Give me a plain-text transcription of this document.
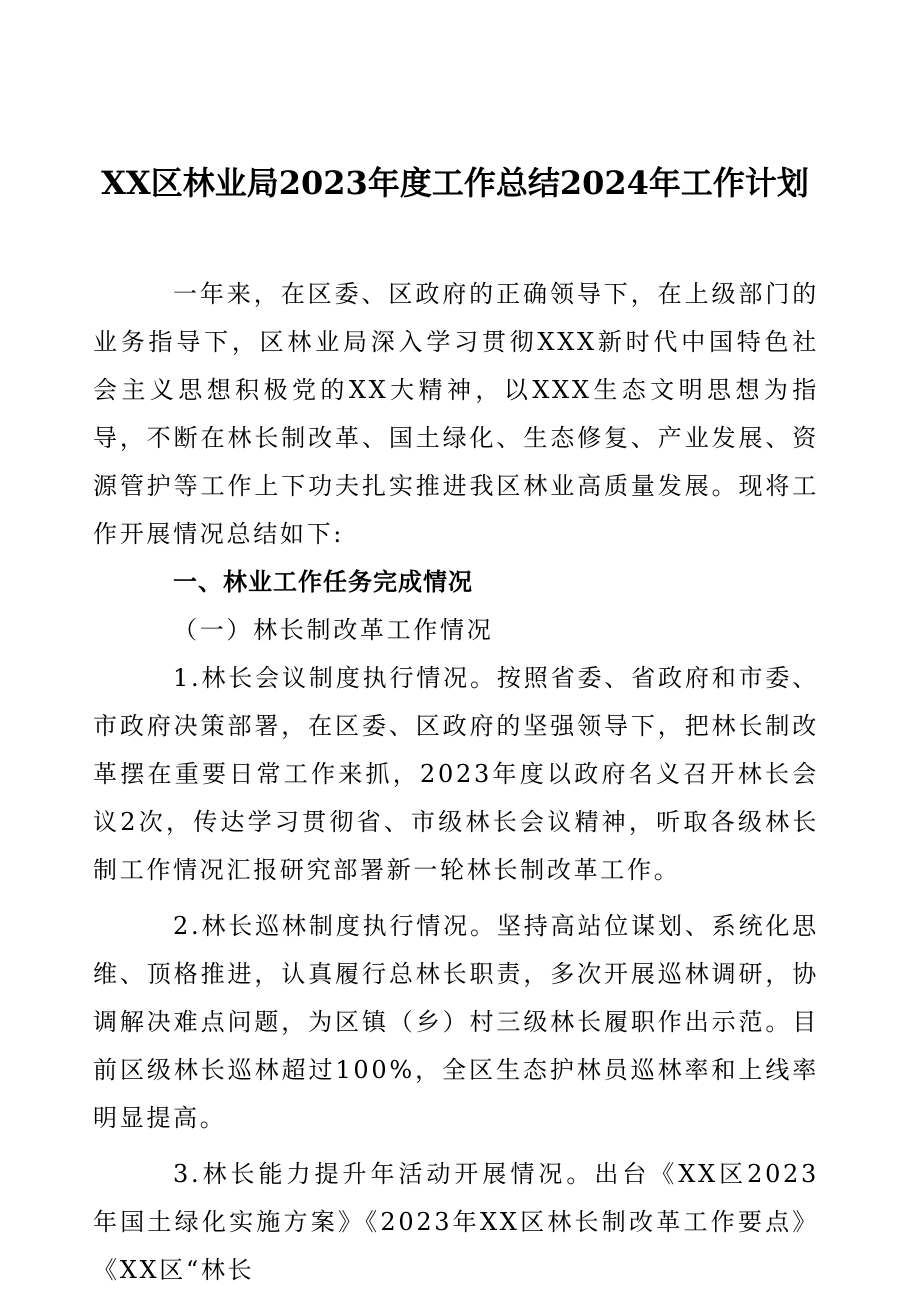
XX区林业局2023年度工作总结2024年工作计划

一年来，在区委、区政府的正确领导下，在上级部门的业务指导下，区林业局深入学习贯彻XXX新时代中国特色社会主义思想积极党的XX大精神，以XXX生态文明思想为指导，不断在林长制改革、国土绿化、生态修复、产业发展、资源管护等工作上下功夫扎实推进我区林业高质量发展。现将工作开展情况总结如下:

一、林业工作任务完成情况

（一）林长制改革工作情况

1.林长会议制度执行情况。按照省委、省政府和市委、市政府决策部署，在区委、区政府的坚强领导下，把林长制改革摆在重要日常工作来抓，2023年度以政府名义召开林长会议2次，传达学习贯彻省、市级林长会议精神，听取各级林长制工作情况汇报研究部署新一轮林长制改革工作。

2.林长巡林制度执行情况。坚持高站位谋划、系统化思维、顶格推进，认真履行总林长职责，多次开展巡林调研，协调解决难点问题，为区镇（乡）村三级林长履职作出示范。目前区级林长巡林超过100%，全区生态护林员巡林率和上线率明显提高。

3.林长能力提升年活动开展情况。出台《XX区2023年国土绿化实施方案》《2023年XX区林长制改革工作要点》《XX区“林长
